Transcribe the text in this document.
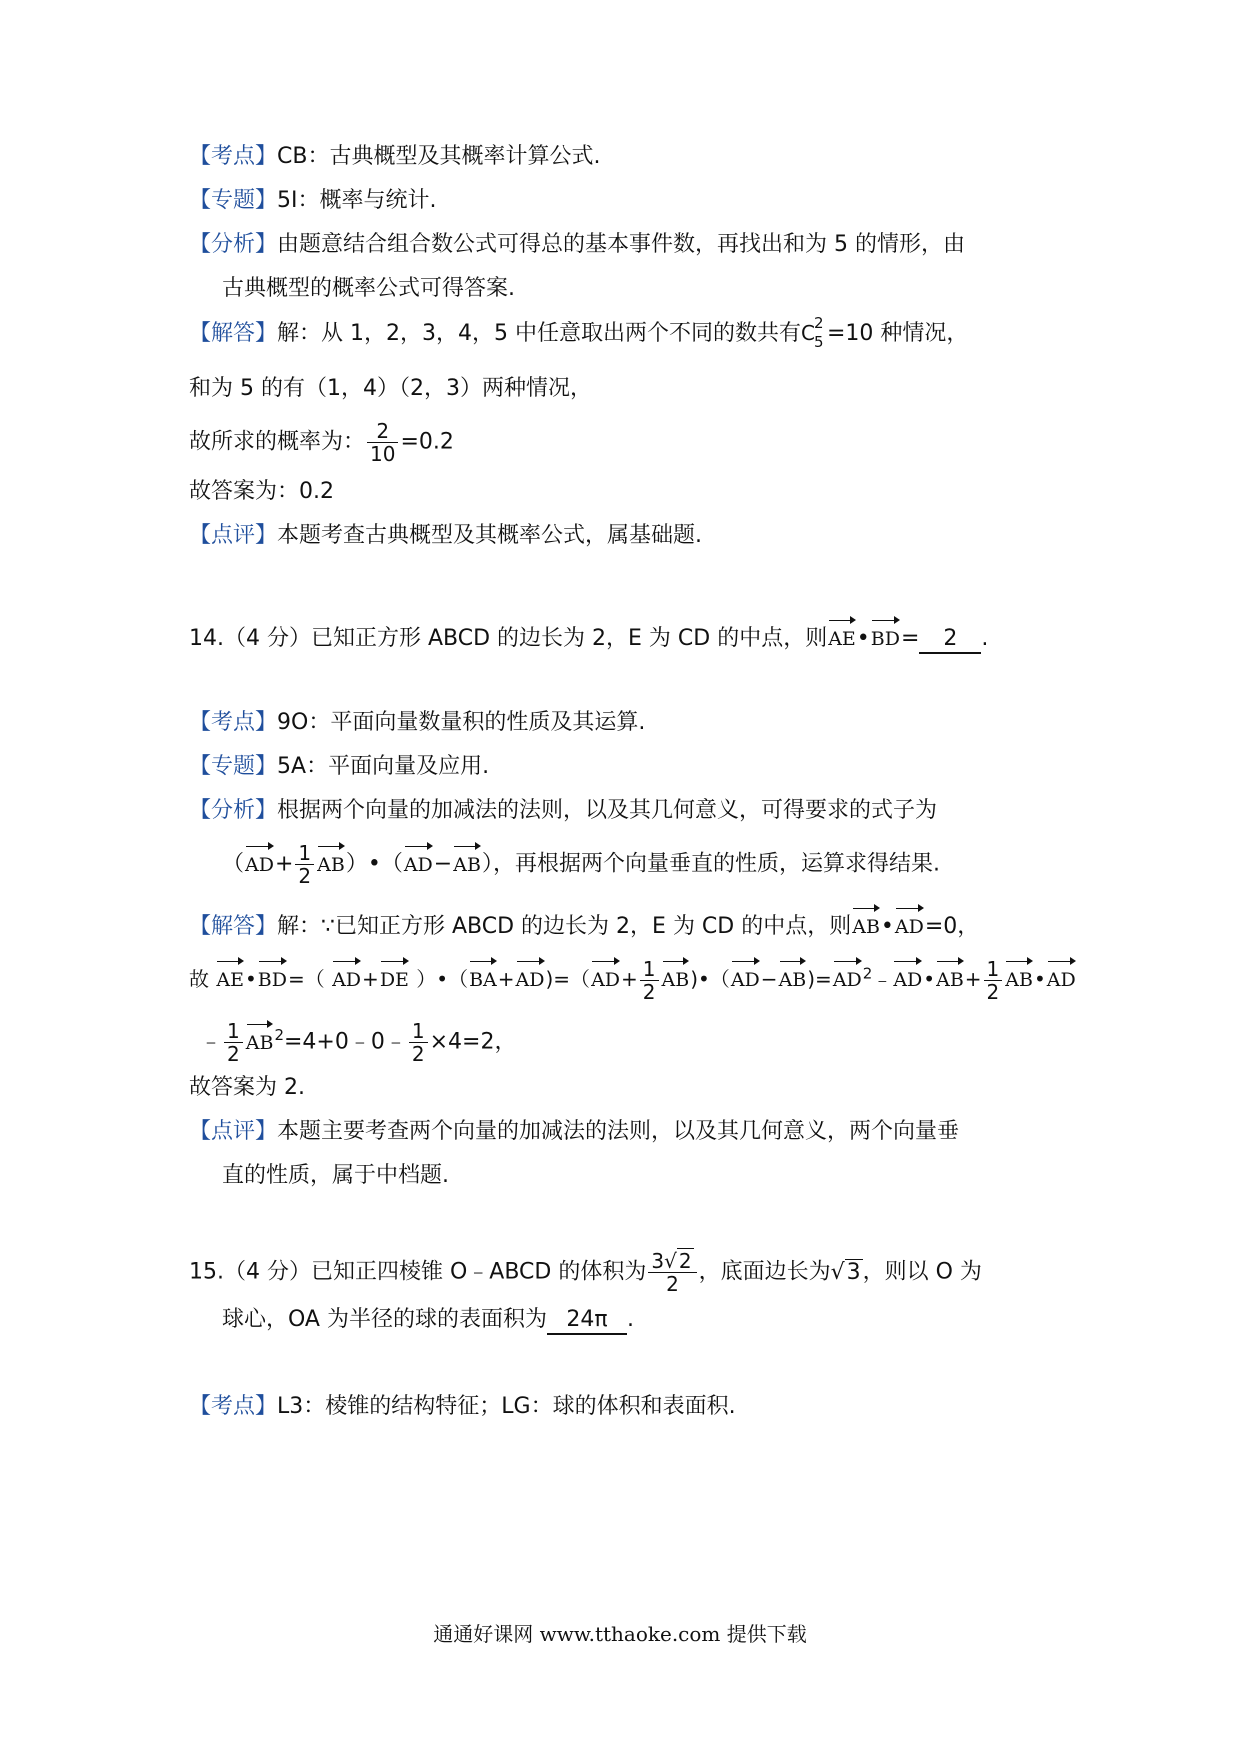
【考点】CB：古典概型及其概率计算公式.
【专题】5I：概率与统计.
【分析】由题意结合组合数公式可得总的基本事件数，再找出和为 5 的情形，由
古典概型的概率公式可得答案.
【解答】解：从 1，2，3，4，5 中任意取出两个不同的数共有C 2
5 =10 种情况，
和为 5 的有（1，4）（2，3）两种情况，
故所求的概率为： $\frac{2}{10} =0.2$
故答案为：0.2
【点评】本题考查古典概型及其概率公式，属基础题.
14.（4 分）已知正方形 ABCD 的边长为 2，E 为 CD 的中点，则AE•BD= 2 .
【考点】9O：平面向量数量积的性质及其运算.
【专题】5A：平面向量及应用.
【分析】根据两个向量的加减法的法则，以及其几何意义，可得要求的式子为
（$AD+ \frac{1}{2}$ AB）•（AD−AB），再根据两个向量垂直的性质，运算求得结果.
【解答】解：∵已知正方形 ABCD 的边长为 2，E 为 CD 的中点，则AB•AD=0，
故 AE•BD=（ AD+DE ）•（BA+AD)=（AD+ $\frac{1}{2}$ $AB)•(AD-AB)=AD^2﹣AD•AB+ \frac{1}{2}$ AB•AD
﹣ $\frac{1}{2}$ $AB^2=4+0﹣0﹣ \frac{1}{2} \times 4=2$，
故答案为 2.
【点评】本题主要考查两个向量的加减法的法则，以及其几何意义，两个向量垂
直的性质，属于中档题.
15.（4 分）已知正四棱锥 O﹣ABCD 的体积为 $\frac{3√ 2}{2}$ ，底面边长为√3，则以 O 为
球心，OA 为半径的球的表面积为 24π .
【考点】L3：棱锥的结构特征；LG：球的体积和表面积.
通通好课网 www.tthaoke.com 提供下载
